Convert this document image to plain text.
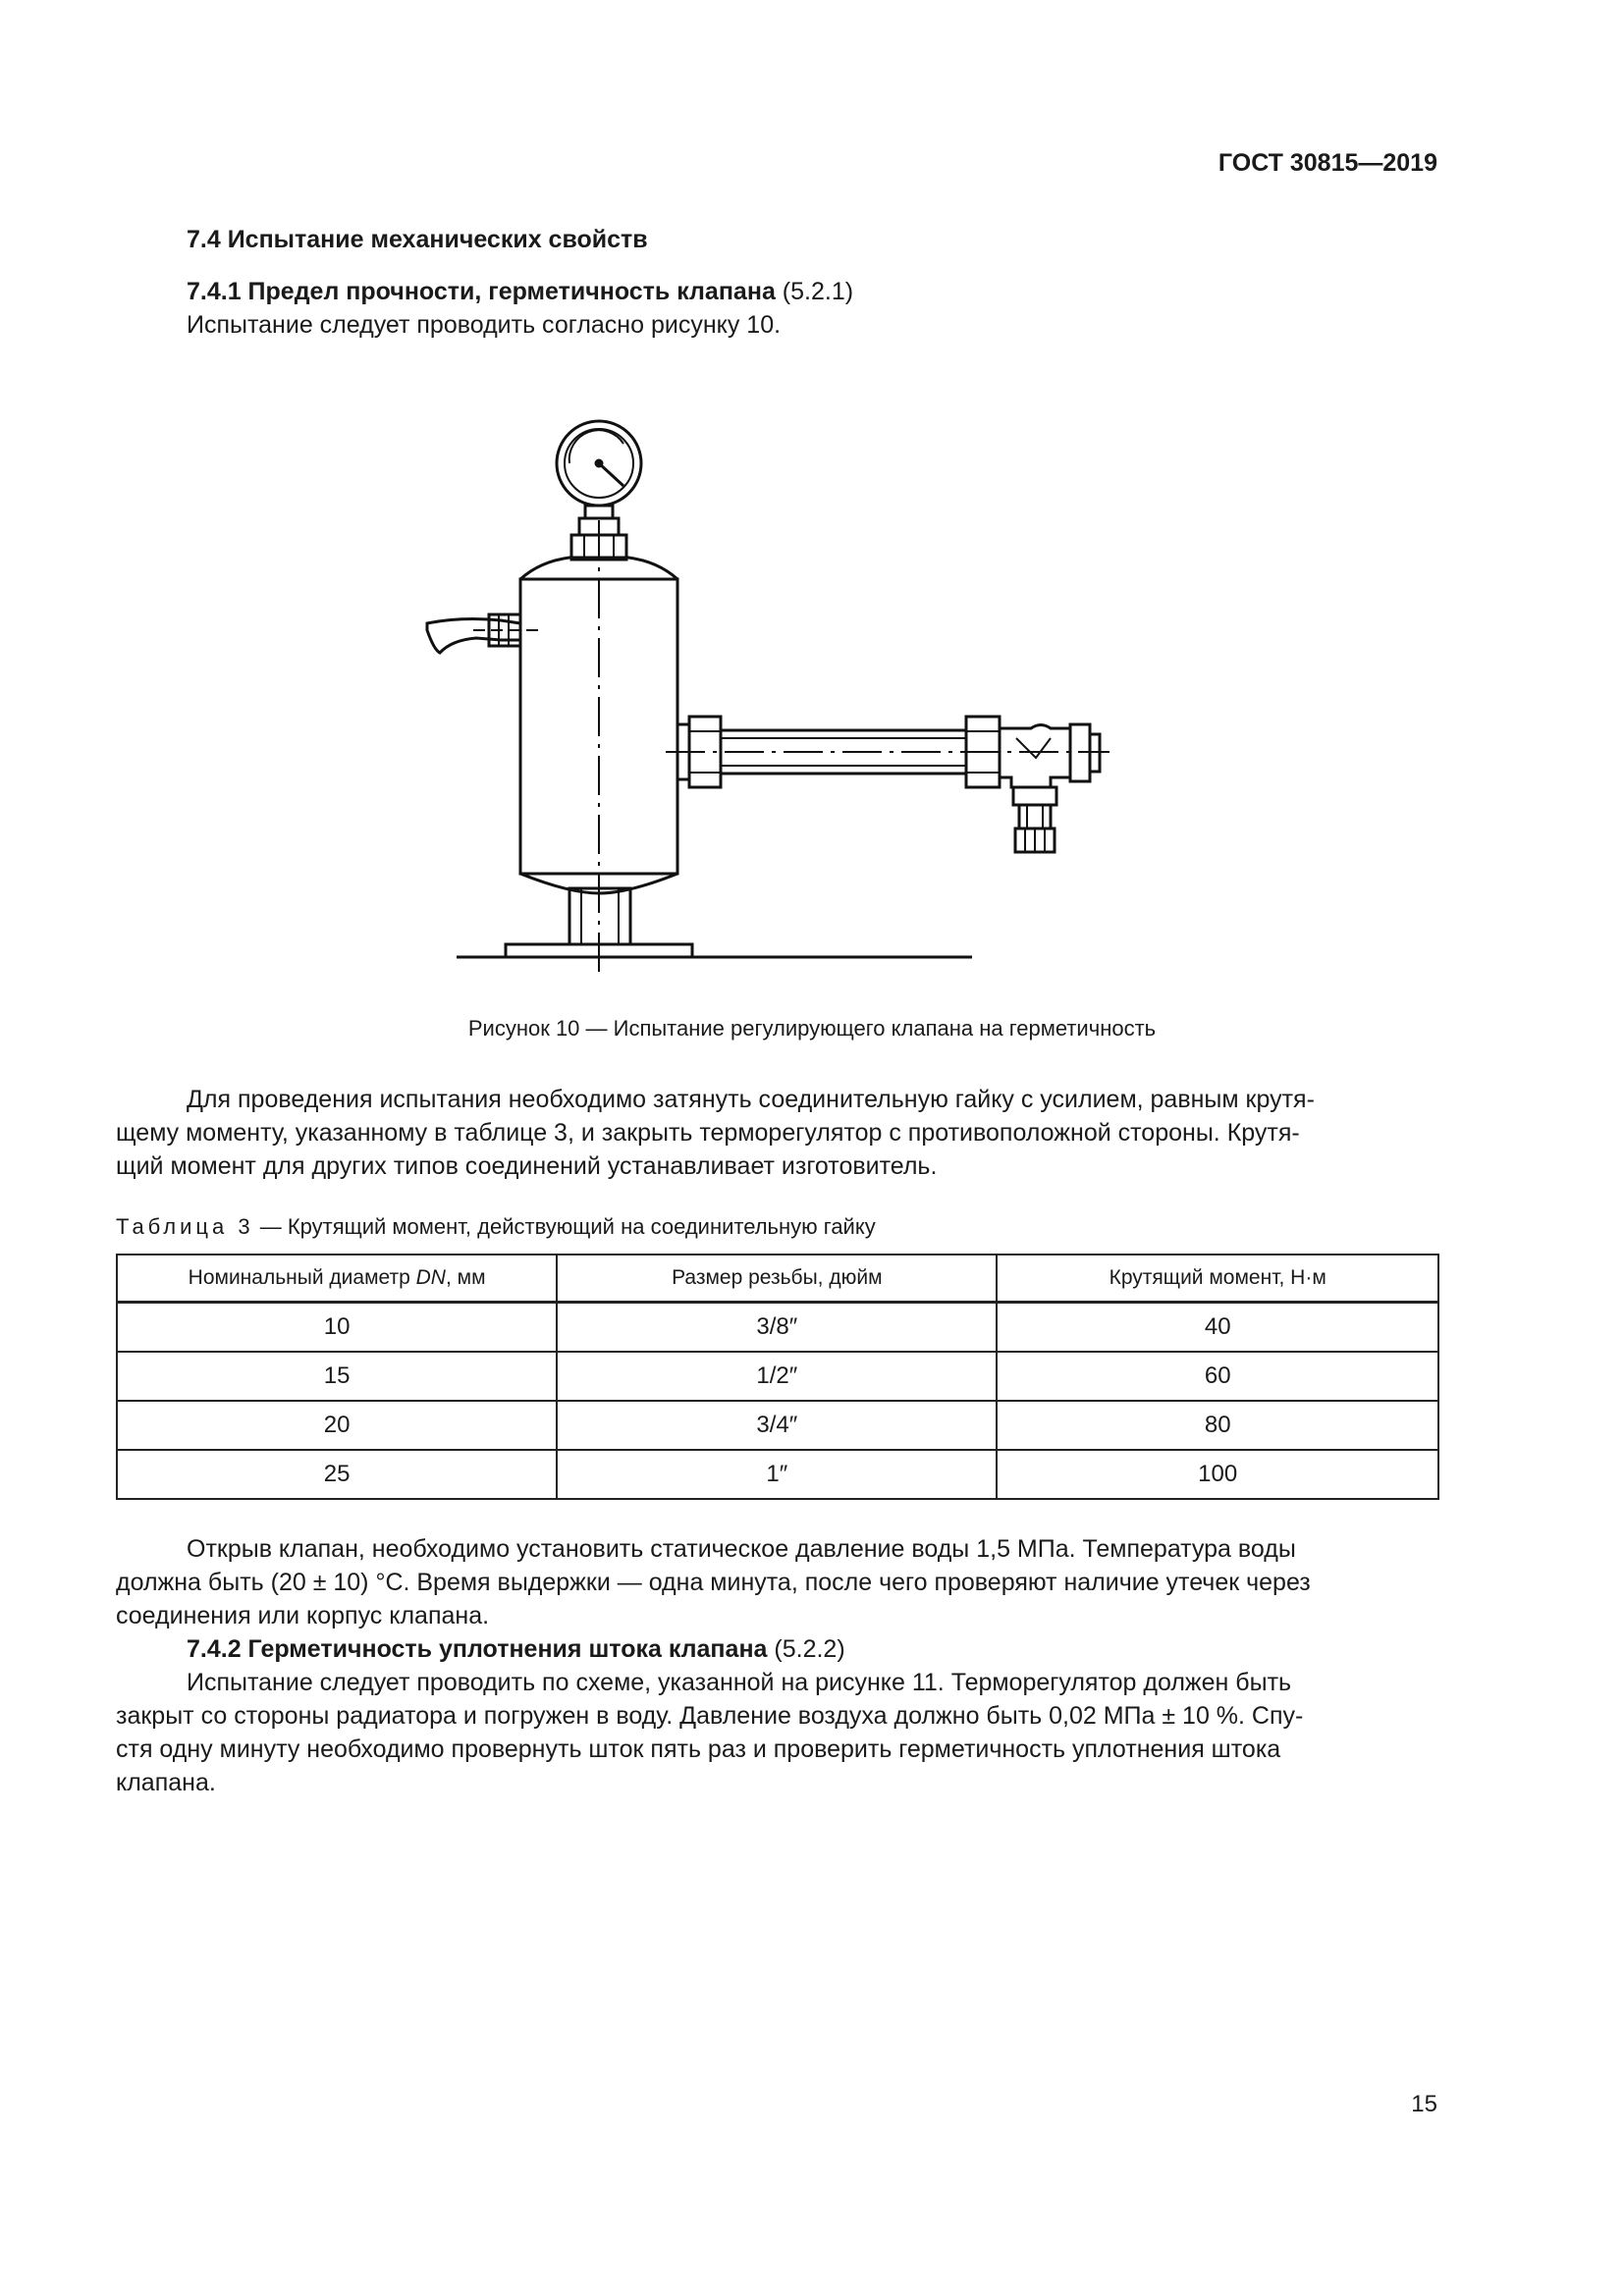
ГОСТ 30815—2019
7.4 Испытание механических свойств
7.4.1 Предел прочности, герметичность клапана (5.2.1)
Испытание следует проводить согласно рисунку 10.
Рисунок 10 — Испытание регулирующего клапана на герметичность
Для проведения испытания необходимо затянуть соединительную гайку с усилием, равным крутя-
щему моменту, указанному в таблице 3, и закрыть терморегулятор с противоположной стороны. Крутя-
щий момент для других типов соединений устанавливает изготовитель.
Таблица 3 — Крутящий момент, действующий на соединительную гайку
Номинальный диаметр DN, мм	Размер резьбы, дюйм	Крутящий момент, Н·м
10	3/8″	40
15	1/2″	60
20	3/4″	80
25	1″	100
Открыв клапан, необходимо установить статическое давление воды 1,5 МПа. Температура воды
должна быть (20 ± 10) °С. Время выдержки — одна минута, после чего проверяют наличие утечек через
соединения или корпус клапана.
7.4.2 Герметичность уплотнения штока клапана (5.2.2)
Испытание следует проводить по схеме, указанной на рисунке 11. Терморегулятор должен быть
закрыт со стороны радиатора и погружен в воду. Давление воздуха должно быть 0,02 МПа ± 10 %. Спу-
стя одну минуту необходимо провернуть шток пять раз и проверить герметичность уплотнения штока
клапана.
15
